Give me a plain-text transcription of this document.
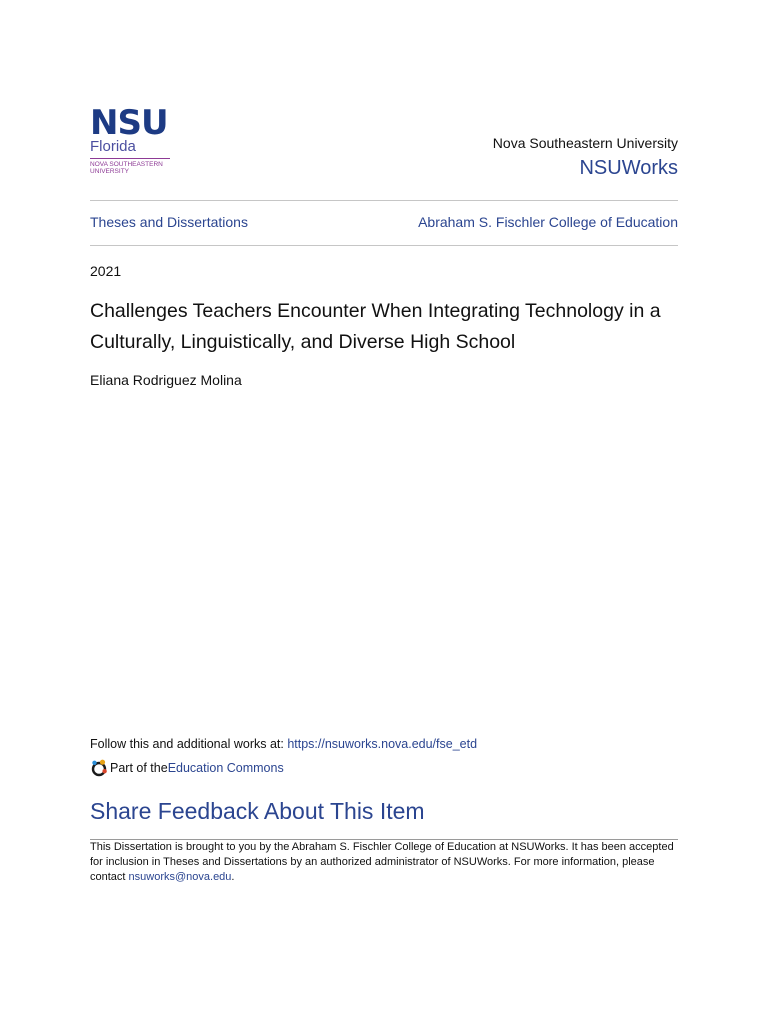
NSU
Florida
NOVA SOUTHEASTERN
UNIVERSITY
Nova Southeastern University
NSUWorks
Theses and Dissertations	Abraham S. Fischler College of Education
2021
Challenges Teachers Encounter When Integrating Technology in a Culturally, Linguistically, and Diverse High School
Eliana Rodriguez Molina
Follow this and additional works at: https://nsuworks.nova.edu/fse_etd
Part of the Education Commons
Share Feedback About This Item
This Dissertation is brought to you by the Abraham S. Fischler College of Education at NSUWorks. It has been accepted for inclusion in Theses and Dissertations by an authorized administrator of NSUWorks. For more information, please contact nsuworks@nova.edu.
